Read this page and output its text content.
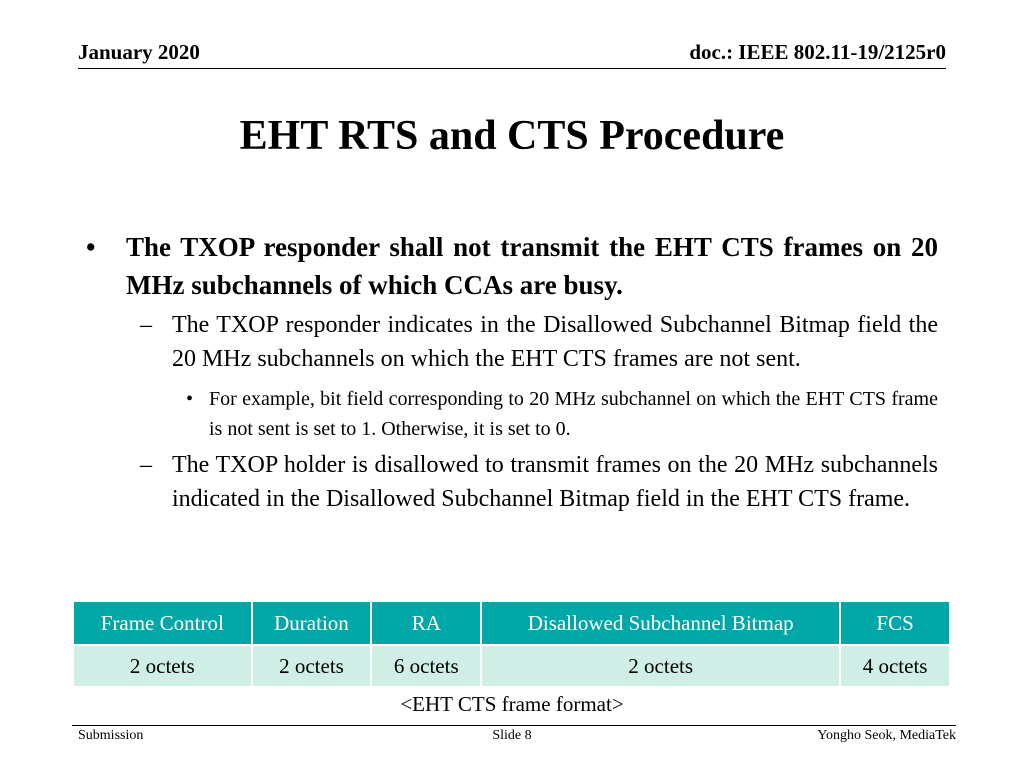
January 2020	doc.: IEEE 802.11-19/2125r0
EHT RTS and CTS Procedure
• The TXOP responder shall not transmit the EHT CTS frames on 20 MHz subchannels of which CCAs are busy.
– The TXOP responder indicates in the Disallowed Subchannel Bitmap field the 20 MHz subchannels on which the EHT CTS frames are not sent.
• For example, bit field corresponding to 20 MHz subchannel on which the EHT CTS frame is not sent is set to 1. Otherwise, it is set to 0.
– The TXOP holder is disallowed to transmit frames on the 20 MHz subchannels indicated in the Disallowed Subchannel Bitmap field in the EHT CTS frame.
Frame Control	Duration	RA	Disallowed Subchannel Bitmap	FCS
2 octets	2 octets	6 octets	2 octets	4 octets
<EHT CTS frame format>
Submission	Slide 8	Yongho Seok, MediaTek
